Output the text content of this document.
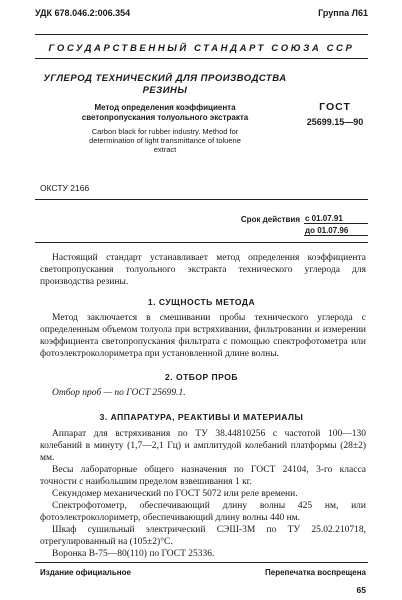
УДК 678.046.2:006.354	Группа Л61
ГОСУДАРСТВЕННЫЙ СТАНДАРТ СОЮЗА ССР
УГЛЕРОД ТЕХНИЧЕСКИЙ ДЛЯ ПРОИЗВОДСТВА
РЕЗИНЫ
Метод определения коэффициента
светопропускания толуольного экстракта
Carbon black for rubber industry. Method for
determination of light transmittance of toluene
extract
ГОСТ
25699.15—90
ОКСТУ 2166
Срок действия с 01.07.91
до 01.07.96
Настоящий стандарт устанавливает метод определения коэффициента светопропускания толуольного экстракта технического углерода для производства резины.
1. СУЩНОСТЬ МЕТОДА
Метод заключается в смешивании пробы технического углерода с определенным объемом толуола при встряхивании, фильтровании и измерении коэффициента светопропускания фильтрата с помощью спектрофотометра или фотоэлектроколориметра при установленной длине волны.
2. ОТБОР ПРОБ
Отбор проб — по ГОСТ 25699.1.
3. АППАРАТУРА, РЕАКТИВЫ И МАТЕРИАЛЫ
Аппарат для встряхивания по ТУ 38.44810256 с частотой 100—130 колебаний в минуту (1,7—2,1 Гц) и амплитудой колебаний платформы (28±2) мм.
Весы лабораторные общего назначения по ГОСТ 24104, 3-го класса точности с наибольшим пределом взвешивания 1 кг.
Секундомер механический по ГОСТ 5072 или реле времени.
Спектрофотометр, обеспечивающий длину волны 425 нм, или фотоэлектроколориметр, обеспечивающий длину волны 440 нм.
Шкаф сушильный электрический СЭШ-3М по ТУ 25.02.210718, отрегулированный на (105±2)°С.
Воронка В-75—80(110) по ГОСТ 25336.
Издание официальное	Перепечатка воспрещена
65
